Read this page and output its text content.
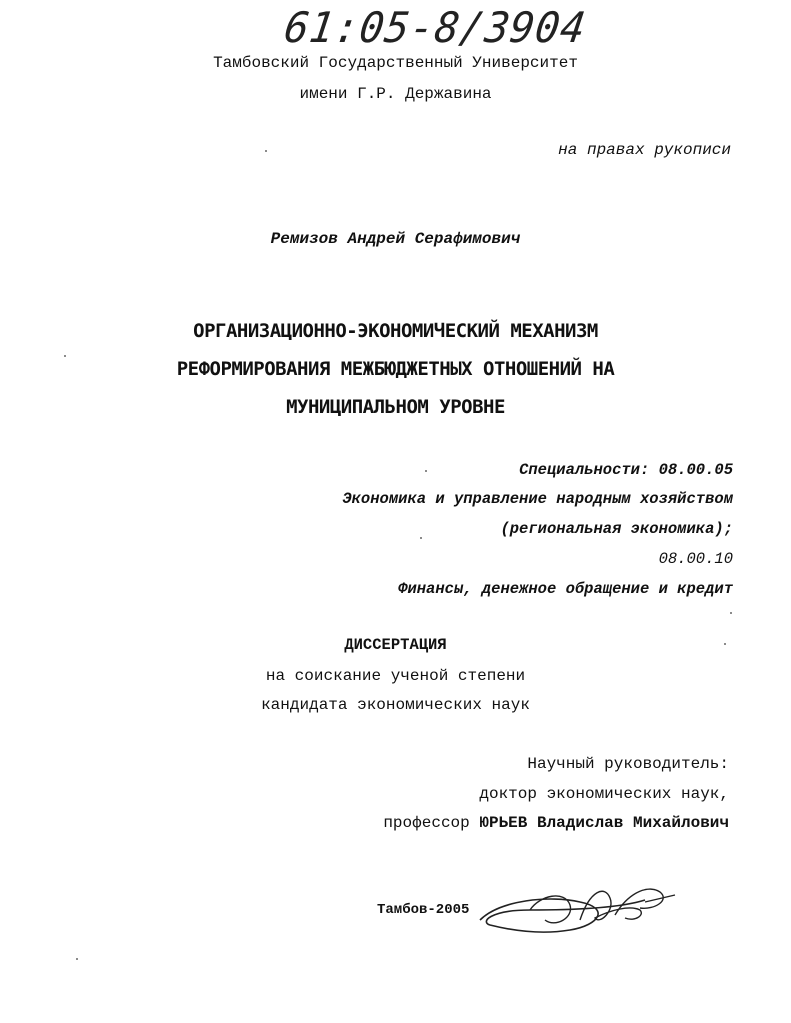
61:05-8/3904
Тамбовский Государственный Университет
имени Г.Р. Державина
на правах рукописи
Ремизов Андрей Серафимович
ОРГАНИЗАЦИОННО-ЭКОНОМИЧЕСКИЙ МЕХАНИЗМ
РЕФОРМИРОВАНИЯ МЕЖБЮДЖЕТНЫХ ОТНОШЕНИЙ НА
МУНИЦИПАЛЬНОМ УРОВНЕ
Специальности: 08.00.05
Экономика и управление народным хозяйством
(региональная экономика);
08.00.10
Финансы, денежное обращение и кредит
ДИССЕРТАЦИЯ
на соискание ученой степени
кандидата экономических наук
Научный руководитель:
доктор экономических наук,
профессор ЮРЬЕВ Владислав Михайлович
Тамбов-2005
